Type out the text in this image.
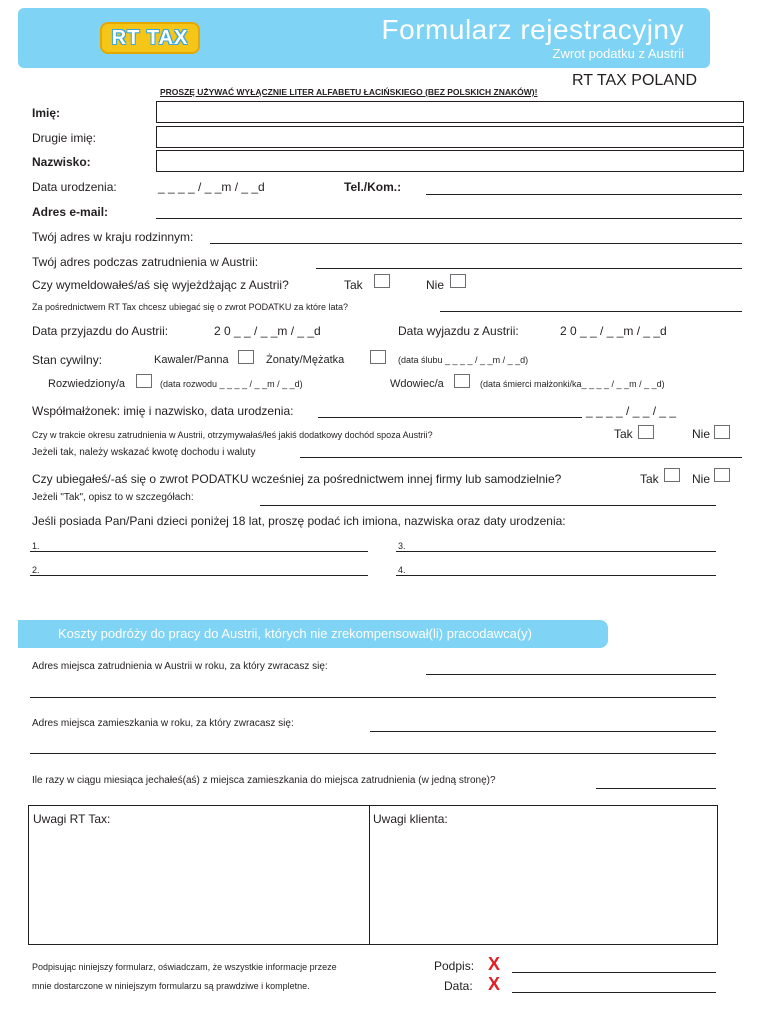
RT TAX	Formularz rejestracyjny
Zwrot podatku z Austrii
RT TAX POLAND
PROSZĘ UŻYWAĆ WYŁĄCZNIE LITER ALFABETU ŁACIŃSKIEGO (BEZ POLSKICH ZNAKÓW)!
Imię:
Drugie imię:
Nazwisko:
Data urodzenia:	_ _ _ _ / _ _m / _ _d	Tel./Kom.:
Adres e-mail:
Twój adres w kraju rodzinnym:
Twój adres podczas zatrudnienia w Austrii:
Czy wymeldowałeś/aś się wyjeżdżając z Austrii?	Tak	Nie
Za pośrednictwem RT Tax chcesz ubiegać się o zwrot PODATKU za które lata?
Data przyjazdu do Austrii:	2 0 _ _ / _ _m / _ _d	Data wyjazdu z Austrii:	2 0 _ _ / _ _m / _ _d
Stan cywilny:	Kawaler/Panna	Żonaty/Mężatka	(data ślubu _ _ _ _ / _ _m / _ _d)
Rozwiedziony/a	(data rozwodu _ _ _ _ / _ _m / _ _d)	Wdowiec/a	(data śmierci małżonki/ka_ _ _ _ / _ _m / _ _d)
Współmałżonek: imię i nazwisko, data urodzenia:	_ _ _ _ / _ _ / _ _
Czy w trakcie okresu zatrudnienia w Austrii, otrzymywałaś/łeś jakiś dodatkowy dochód spoza Austrii?	Tak	Nie
Jeżeli tak, należy wskazać kwotę dochodu i waluty
Czy ubiegałeś/-aś się o zwrot PODATKU wcześniej za pośrednictwem innej firmy lub samodzielnie?	Tak	Nie
Jeżeli "Tak", opisz to w szczegółach:
Jeśli posiada Pan/Pani dzieci poniżej 18 lat, proszę podać ich imiona, nazwiska oraz daty urodzenia:
1.	3.
2.	4.
Koszty podróży do pracy do Austrii, których nie zrekompensował(li) pracodawca(y)
Adres miejsca zatrudnienia w Austrii w roku, za który zwracasz się:
Adres miejsca zamieszkania w roku, za który zwracasz się:
Ile razy w ciągu miesiąca jechałeś(aś) z miejsca zamieszkania do miejsca zatrudnienia (w jedną stronę)?
Uwagi RT Tax:	Uwagi klienta:
Podpisując niniejszy formularz, oświadczam, że wszystkie informacje przeze
mnie dostarczone w niniejszym formularzu są prawdziwe i kompletne.
Podpis: X
Data: X
